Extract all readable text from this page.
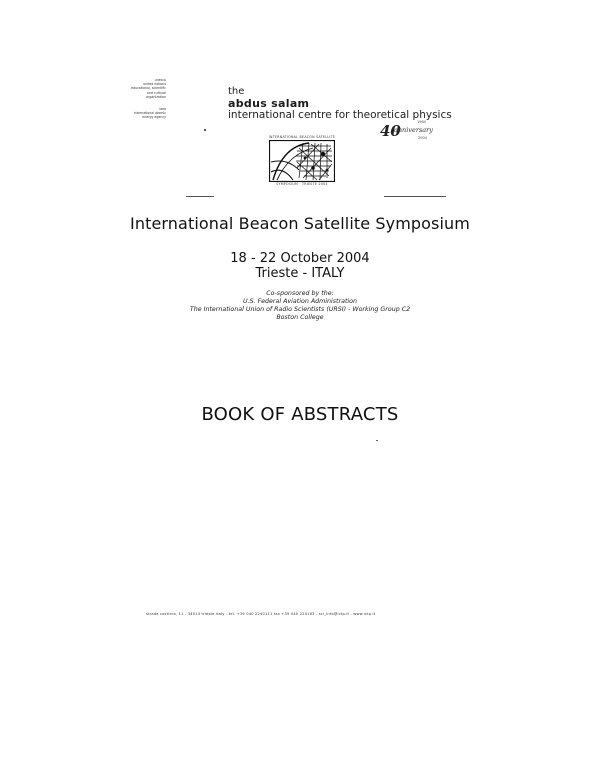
unesco
united nations
educational, scientific
and cultural
organization
iaea
international atomic
energy agency
the
abdus salam
international centre for theoretical physics
1964
40
anniversary
2004
INTERNATIONAL BEACON SATELLITE
SYMPOSIUM · TRIESTE 2004
International Beacon Satellite Symposium
18 - 22 October 2004
Trieste - ITALY
Co-sponsored by the:
U.S. Federal Aviation Administration
The International Union of Radio Scientists (URSI) - Working Group C2
Boston College
BOOK OF ABSTRACTS
strada costiera, 11 - 34014 trieste italy - tel. +39 040 2240111 fax +39 040 224163 - sci_info@ictp.it - www.ictp.it
